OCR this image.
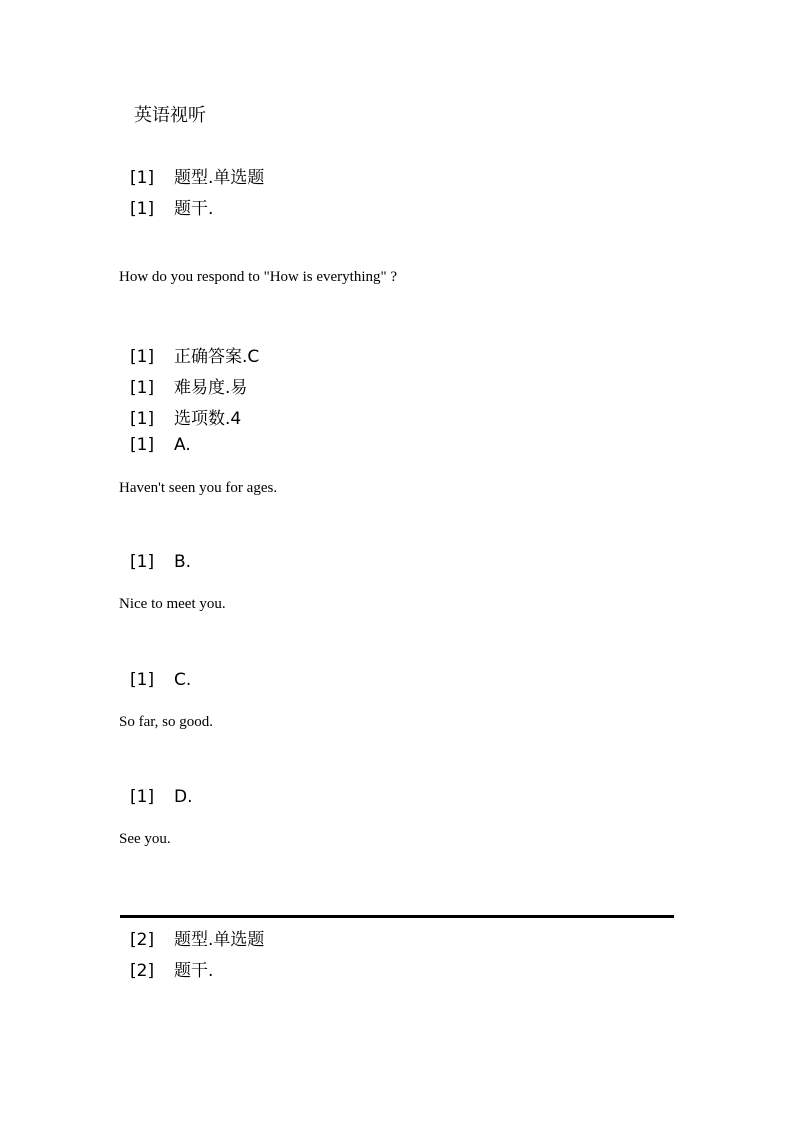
英语视听
[1] 题型.单选题
[1] 题干.
How do you respond to "How is everything" ?
[1] 正确答案.C
[1] 难易度.易
[1] 选项数.4
[1] A.
Haven't seen you for ages.
[1] B.
Nice to meet you.
[1] C.
So far, so good.
[1] D.
See you.
[2] 题型.单选题
[2] 题干.
